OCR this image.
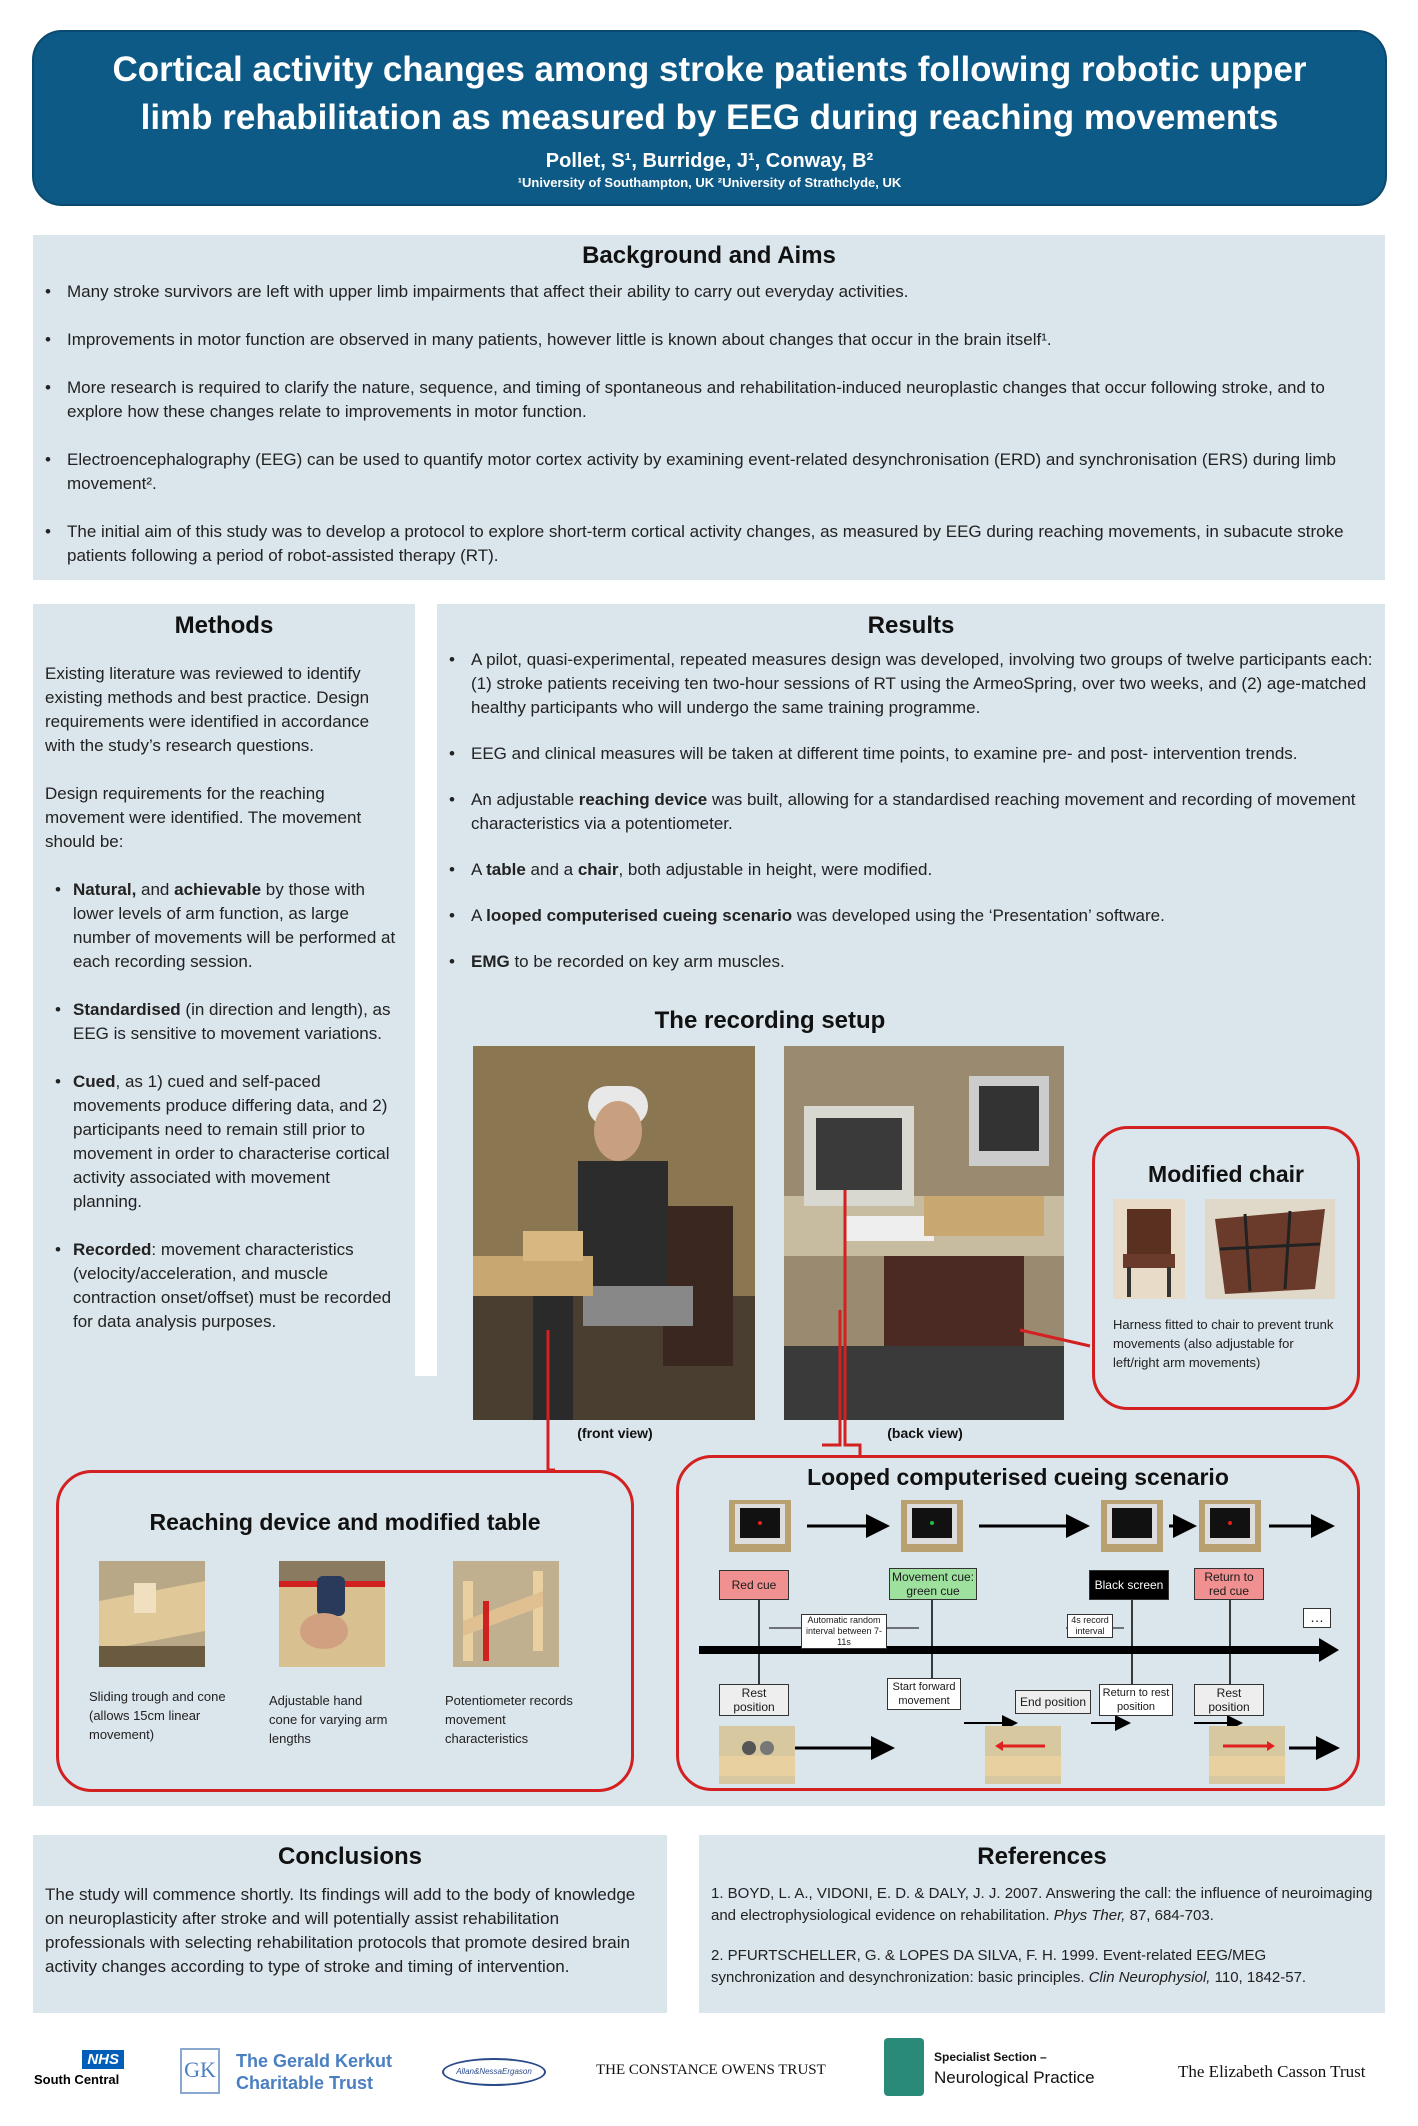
Cortical activity changes among stroke patients following robotic upper limb rehabilitation as measured by EEG during reaching movements
Pollet, S¹, Burridge, J¹, Conway, B²
¹University of Southampton, UK ²University of Strathclyde, UK
Background and Aims
• Many stroke survivors are left with upper limb impairments that affect their ability to carry out everyday activities.
• Improvements in motor function are observed in many patients, however little is known about changes that occur in the brain itself¹.
• More research is required to clarify the nature, sequence, and timing of spontaneous and rehabilitation-induced neuroplastic changes that occur following stroke, and to explore how these changes relate to improvements in motor function.
• Electroencephalography (EEG) can be used to quantify motor cortex activity by examining event-related desynchronisation (ERD) and synchronisation (ERS) during limb movement².
• The initial aim of this study was to develop a protocol to explore short-term cortical activity changes, as measured by EEG during reaching movements, in subacute stroke patients following a period of robot-assisted therapy (RT).
Methods

Existing literature was reviewed to identify existing methods and best practice. Design requirements were identified in accordance with the study’s research questions.

Design requirements for the reaching movement were identified. The movement should be:

• Natural, and achievable by those with lower levels of arm function, as large number of movements will be performed at each recording session.
• Standardised (in direction and length), as EEG is sensitive to movement variations.
• Cued, as 1) cued and self-paced movements produce differing data, and 2) participants need to remain still prior to movement in order to characterise cortical activity associated with movement planning.
• Recorded: movement characteristics (velocity/acceleration, and muscle contraction onset/offset) must be recorded for data analysis purposes.
Results
• A pilot, quasi-experimental, repeated measures design was developed, involving two groups of twelve participants each: (1) stroke patients receiving ten two-hour sessions of RT using the ArmeoSpring, over two weeks, and (2) age-matched healthy participants who will undergo the same training programme.
• EEG and clinical measures will be taken at different time points, to examine pre- and post- intervention trends.
• An adjustable reaching device was built, allowing for a standardised reaching movement and recording of movement characteristics via a potentiometer.
• A table and a chair, both adjustable in height, were modified.
• A looped computerised cueing scenario was developed using the ‘Presentation’ software.
• EMG to be recorded on key arm muscles.
The recording setup
(front view)	(back view)
Modified chair
Harness fitted to chair to prevent trunk movements (also adjustable for left/right arm movements)
Reaching device and modified table
Sliding trough and cone (allows 15cm linear movement)
Adjustable hand cone for varying arm lengths
Potentiometer records movement characteristics
Looped computerised cueing scenario
Red cue
Movement cue: green cue	Black screen
Return to red cue
Automatic random interval between 7-11s
4s record interval
…
Rest position
Start forward movement	End position
Return to rest position
Rest position
Conclusions

The study will commence shortly. Its findings will add to the body of knowledge on neuroplasticity after stroke and will potentially assist rehabilitation professionals with selecting rehabilitation protocols that promote desired brain activity changes according to type of stroke and timing of intervention.

References

1. BOYD, L. A., VIDONI, E. D. & DALY, J. J. 2007. Answering the call: the influence of neuroimaging and electrophysiological evidence on rehabilitation. Phys Ther, 87, 684-703.

2. PFURTSCHELLER, G. & LOPES DA SILVA, F. H. 1999. Event-related EEG/MEG synchronization and desynchronization: basic principles. Clin Neurophysiol, 110, 1842-57.

NHS
South Central	GK The Gerald Kerkut
Charitable Trust
Allan&NessaErgason	THE CONSTANCE OWENS TRUST
Specialist Section –
Neurological Practice	The Elizabeth Casson Trust
